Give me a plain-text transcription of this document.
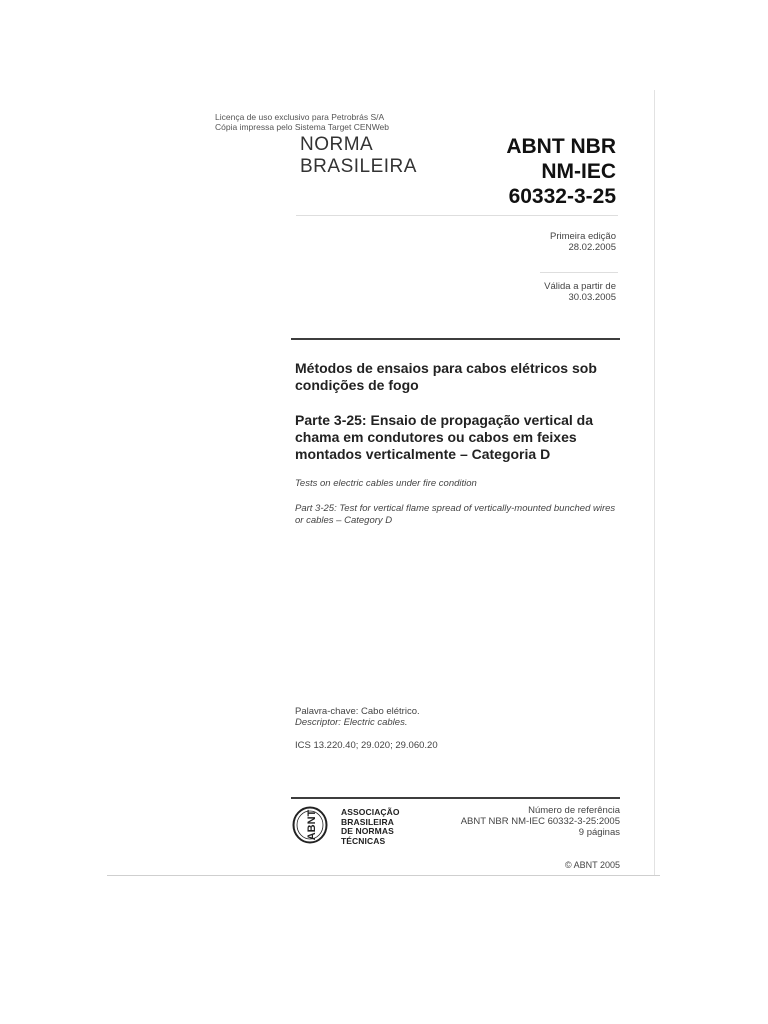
Licença de uso exclusivo para Petrobrás S/A
Cópia impressa pelo Sistema Target CENWeb
NORMA
BRASILEIRA
ABNT NBR
NM-IEC
60332-3-25
Primeira edição
28.02.2005
Válida a partir de
30.03.2005
Métodos de ensaios para cabos elétricos sob condições de fogo
Parte 3-25: Ensaio de propagação vertical da chama em condutores ou cabos em feixes montados verticalmente – Categoria D
Tests on electric cables under fire condition
Part 3-25: Test for vertical flame spread of vertically-mounted bunched wires or cables – Category D
Palavra-chave: Cabo elétrico.
Descriptor: Electric cables.
ICS 13.220.40; 29.020; 29.060.20
ABNT	ASSOCIAÇÃO
BRASILEIRA
DE NORMAS
TÉCNICAS
Número de referência
ABNT NBR NM-IEC 60332-3-25:2005
9 páginas
© ABNT 2005
